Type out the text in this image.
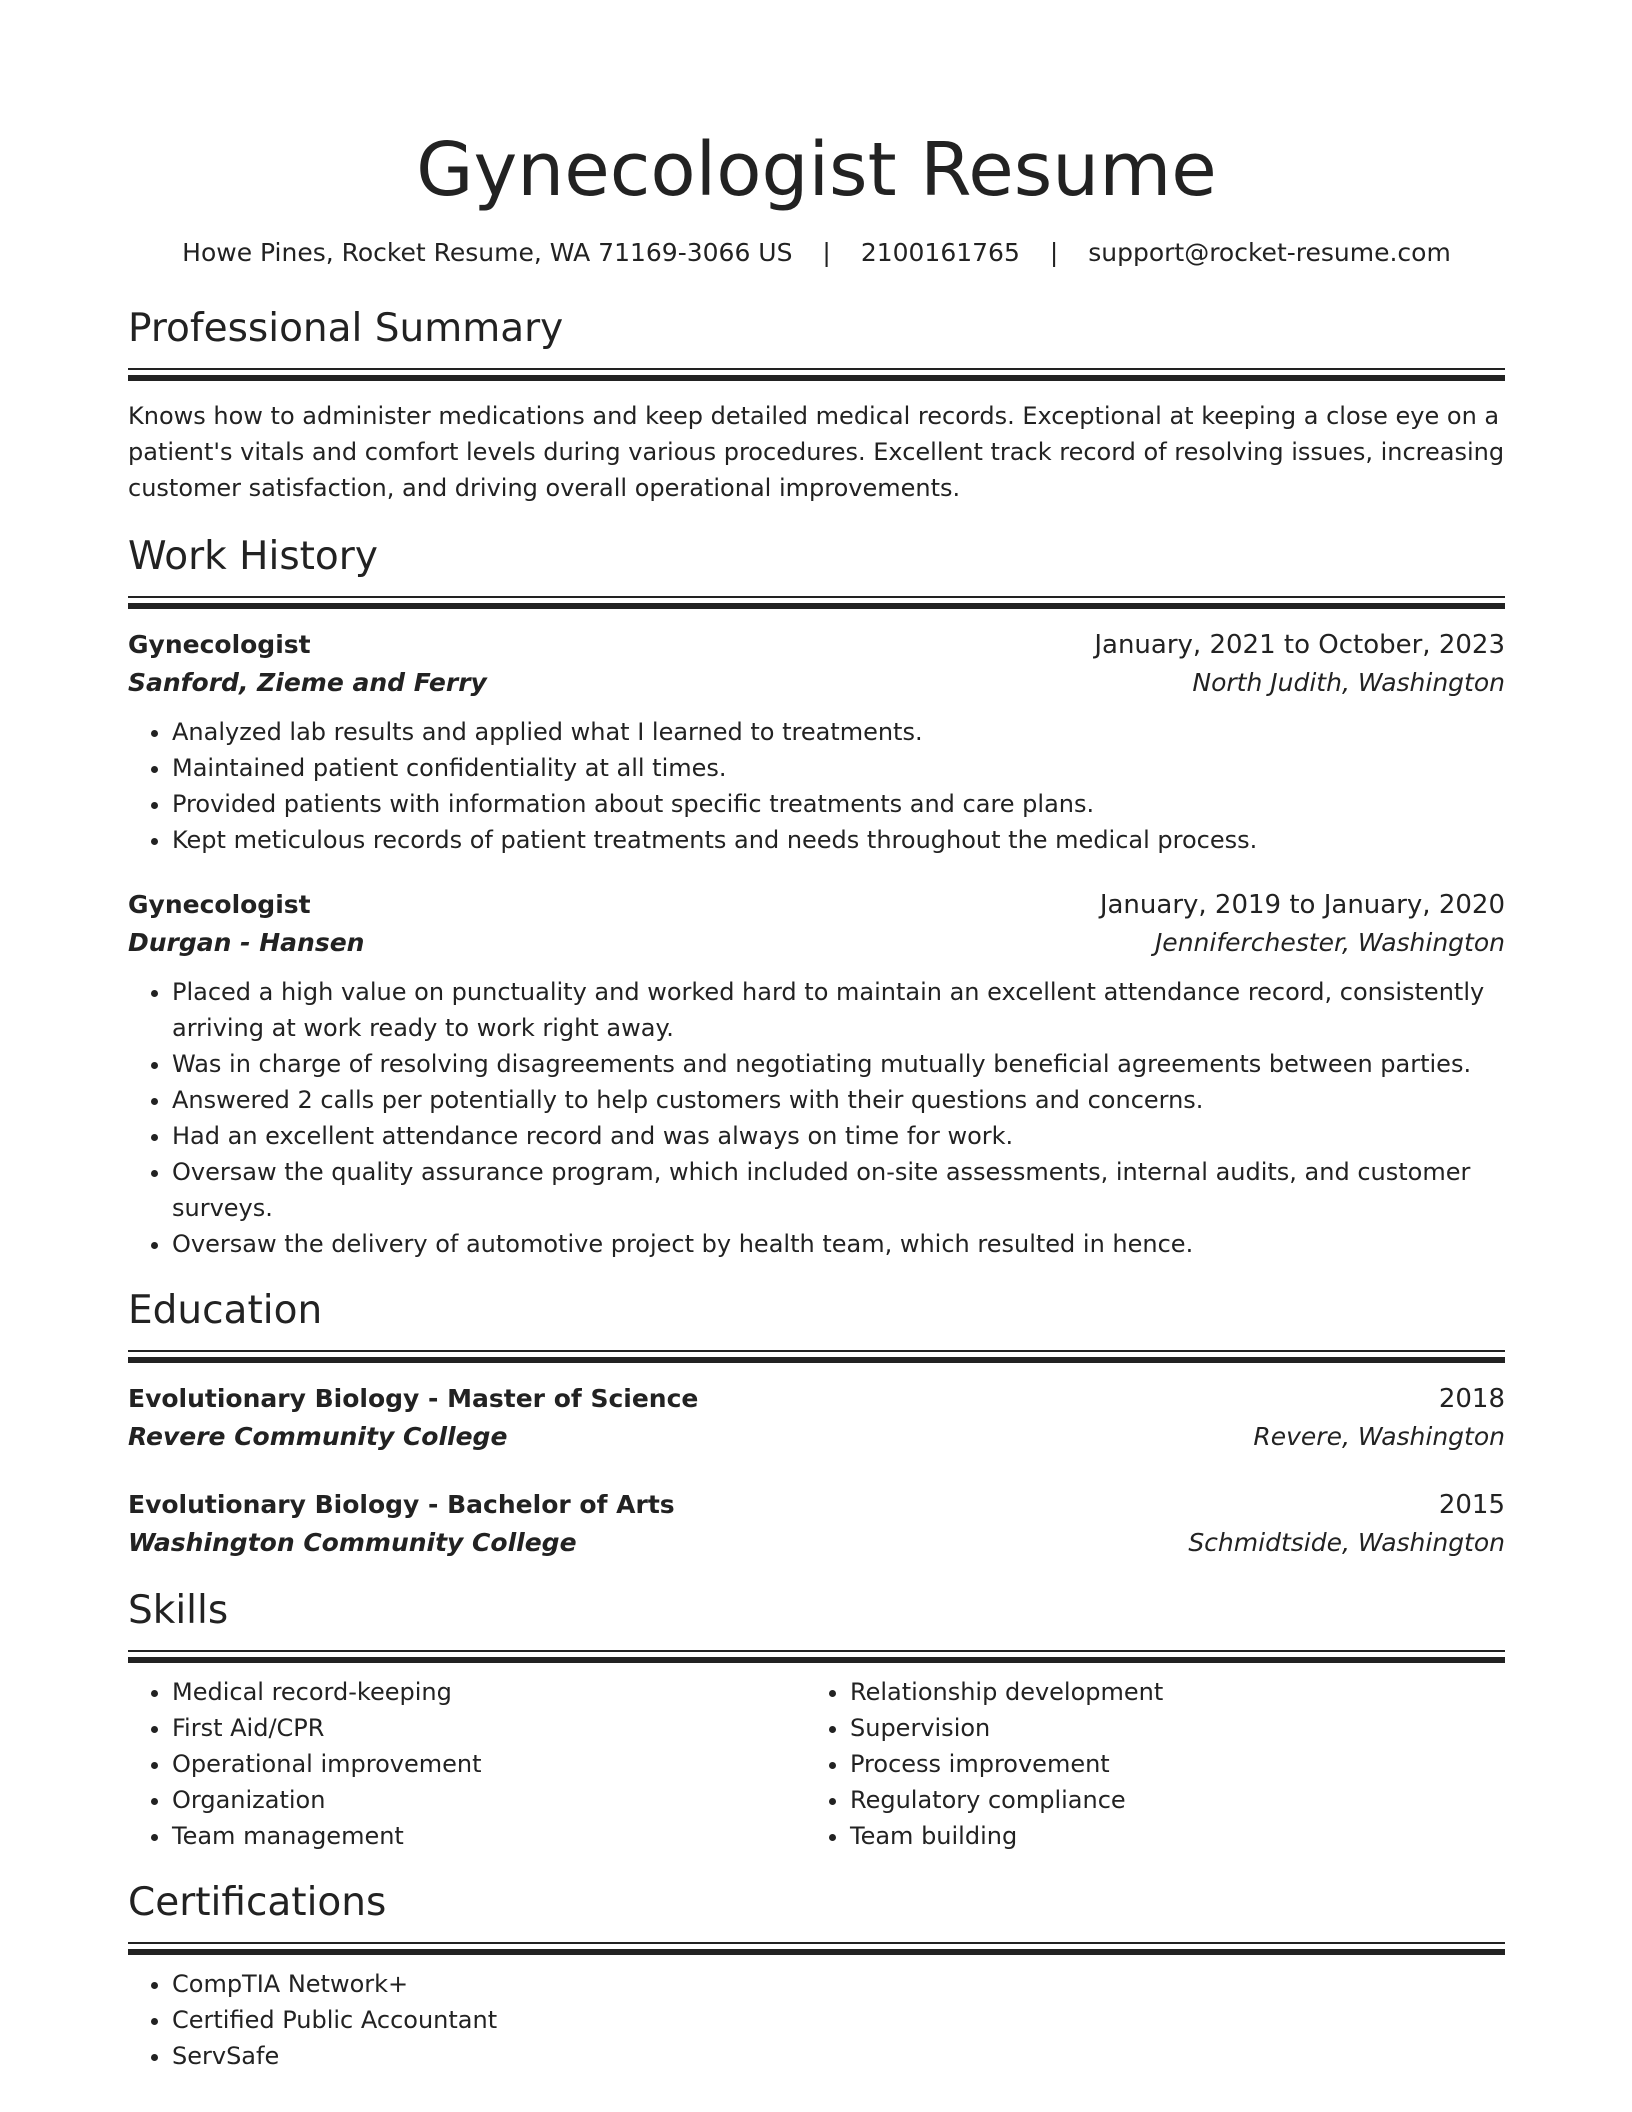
Gynecologist Resume
Howe Pines, Rocket Resume, WA 71169-3066 US | 2100161765 | support@rocket-resume.com
Professional Summary
Knows how to administer medications and keep detailed medical records. Exceptional at keeping a close eye on a patient's vitals and comfort levels during various procedures. Excellent track record of resolving issues, increasing customer satisfaction, and driving overall operational improvements.
Work History
Gynecologist	January, 2021 to October, 2023
Sanford, Zieme and Ferry	North Judith, Washington
• Analyzed lab results and applied what I learned to treatments.
• Maintained patient confidentiality at all times.
• Provided patients with information about specific treatments and care plans.
• Kept meticulous records of patient treatments and needs throughout the medical process.
Gynecologist	January, 2019 to January, 2020
Durgan - Hansen	Jenniferchester, Washington
• Placed a high value on punctuality and worked hard to maintain an excellent attendance record, consistently arriving at work ready to work right away.
• Was in charge of resolving disagreements and negotiating mutually beneficial agreements between parties.
• Answered 2 calls per potentially to help customers with their questions and concerns.
• Had an excellent attendance record and was always on time for work.
• Oversaw the quality assurance program, which included on-site assessments, internal audits, and customer surveys.
• Oversaw the delivery of automotive project by health team, which resulted in hence.
Education
Evolutionary Biology - Master of Science	2018
Revere Community College	Revere, Washington
Evolutionary Biology - Bachelor of Arts	2015
Washington Community College	Schmidtside, Washington
Skills
• Medical record-keeping
• First Aid/CPR
• Operational improvement
• Organization
• Team management
• Relationship development
• Supervision
• Process improvement
• Regulatory compliance
• Team building
Certifications
• CompTIA Network+
• Certified Public Accountant
• ServSafe
